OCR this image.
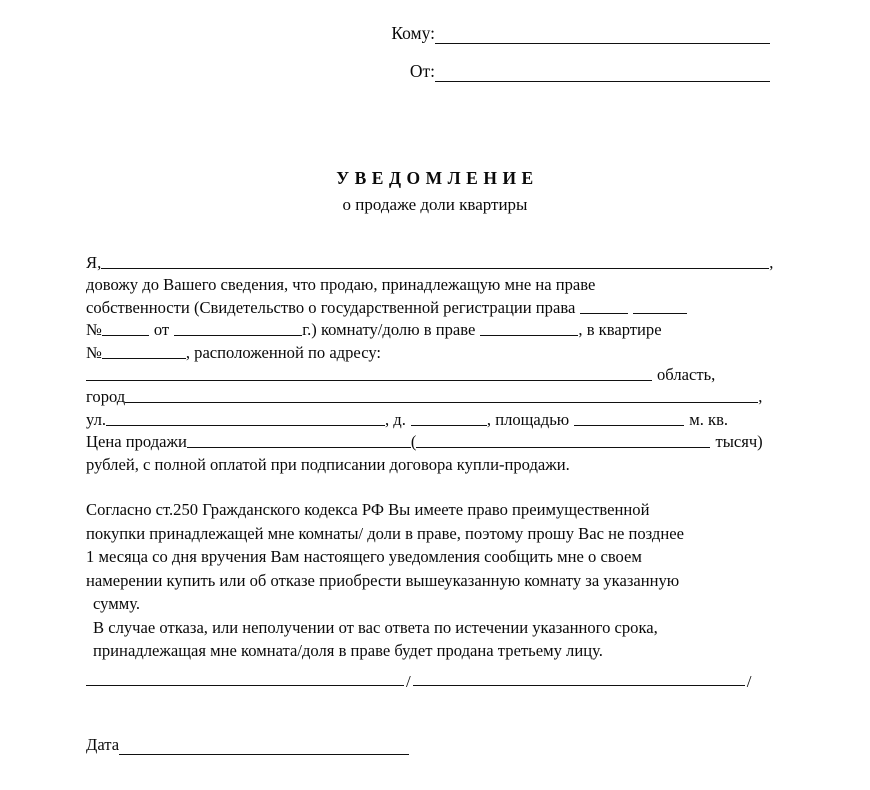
Кому:
От:
УВЕДОМЛЕНИЕ
о продаже доли квартиры
Я,	,
довожу до Вашего сведения, что продаю, принадлежащую мне на праве
собственности (Свидетельство о государственной регистрации права
№	от	г.) комнату/долю в праве	, в квартире
№	, расположенной по адресу:
область,
город	,
ул.	, д.	, площадью	м. кв.
Цена продажи	(	тысяч)
рублей, с полной оплатой при подписании договора купли-продажи.
Согласно ст.250 Гражданского кодекса РФ Вы имеете право преимущественной
покупки принадлежащей мне комнаты/ доли в праве, поэтому прошу Вас не позднее
1 месяца со дня вручения Вам настоящего уведомления сообщить мне о своем
намерении купить или об отказе приобрести вышеуказанную комнату за указанную
сумму.
В случае отказа, или неполучении от вас ответа по истечении указанного срока,
принадлежащая мне комната/доля в праве будет продана третьему лицу.
/	/
Дата
